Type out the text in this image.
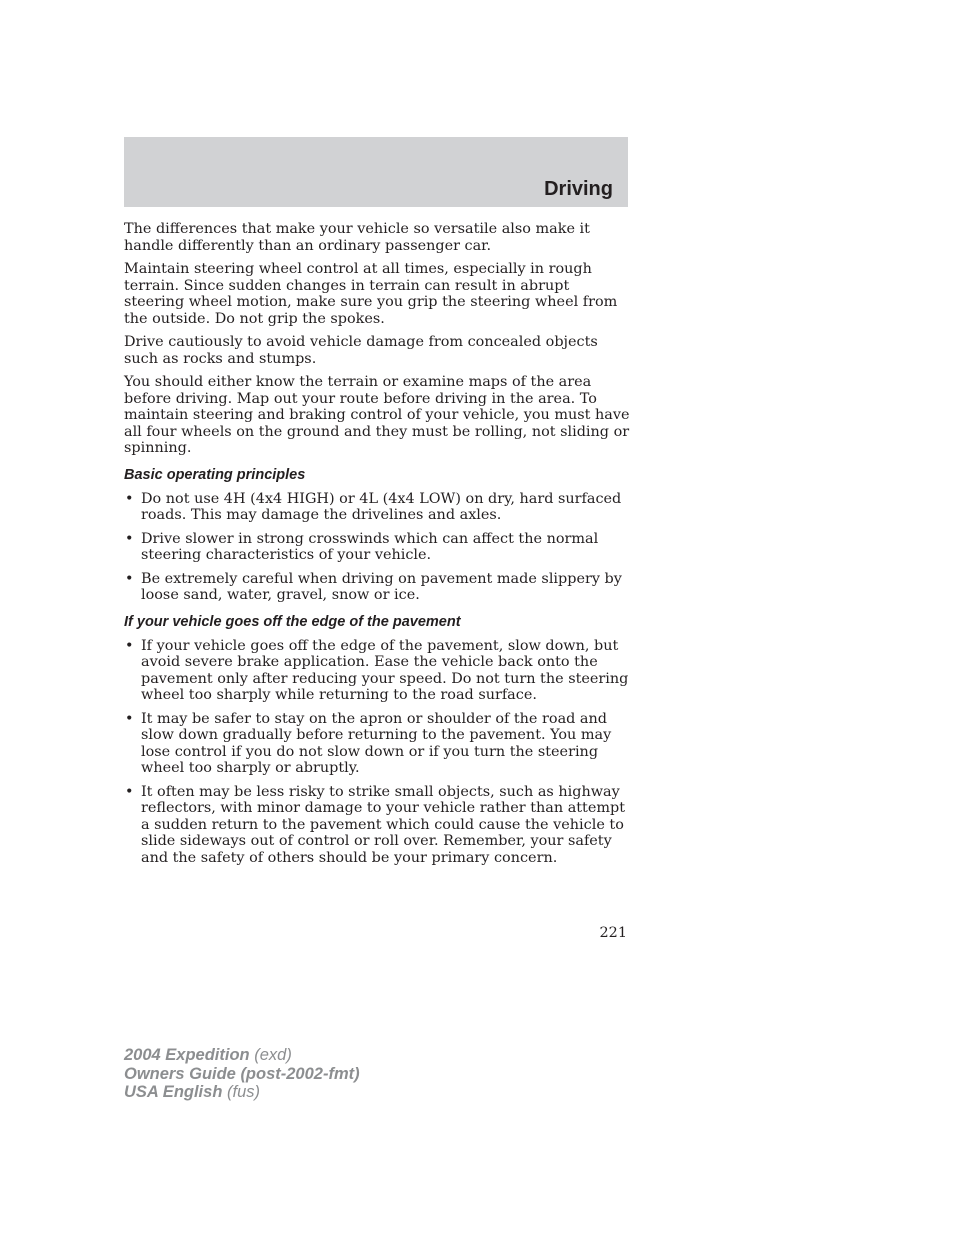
Driving

The differences that make your vehicle so versatile also make it handle differently than an ordinary passenger car.

Maintain steering wheel control at all times, especially in rough terrain. Since sudden changes in terrain can result in abrupt steering wheel motion, make sure you grip the steering wheel from the outside. Do not grip the spokes.

Drive cautiously to avoid vehicle damage from concealed objects such as rocks and stumps.

You should either know the terrain or examine maps of the area before driving. Map out your route before driving in the area. To maintain steering and braking control of your vehicle, you must have all four wheels on the ground and they must be rolling, not sliding or spinning.

Basic operating principles
• Do not use 4H (4x4 HIGH) or 4L (4x4 LOW) on dry, hard surfaced roads. This may damage the drivelines and axles.
• Drive slower in strong crosswinds which can affect the normal steering characteristics of your vehicle.
• Be extremely careful when driving on pavement made slippery by loose sand, water, gravel, snow or ice.
If your vehicle goes off the edge of the pavement
• If your vehicle goes off the edge of the pavement, slow down, but avoid severe brake application. Ease the vehicle back onto the pavement only after reducing your speed. Do not turn the steering wheel too sharply while returning to the road surface.
• It may be safer to stay on the apron or shoulder of the road and slow down gradually before returning to the pavement. You may lose control if you do not slow down or if you turn the steering wheel too sharply or abruptly.
• It often may be less risky to strike small objects, such as highway reflectors, with minor damage to your vehicle rather than attempt a sudden return to the pavement which could cause the vehicle to slide sideways out of control or roll over. Remember, your safety and the safety of others should be your primary concern.
221
2004 Expedition (exd)
Owners Guide (post-2002-fmt)
USA English (fus)
